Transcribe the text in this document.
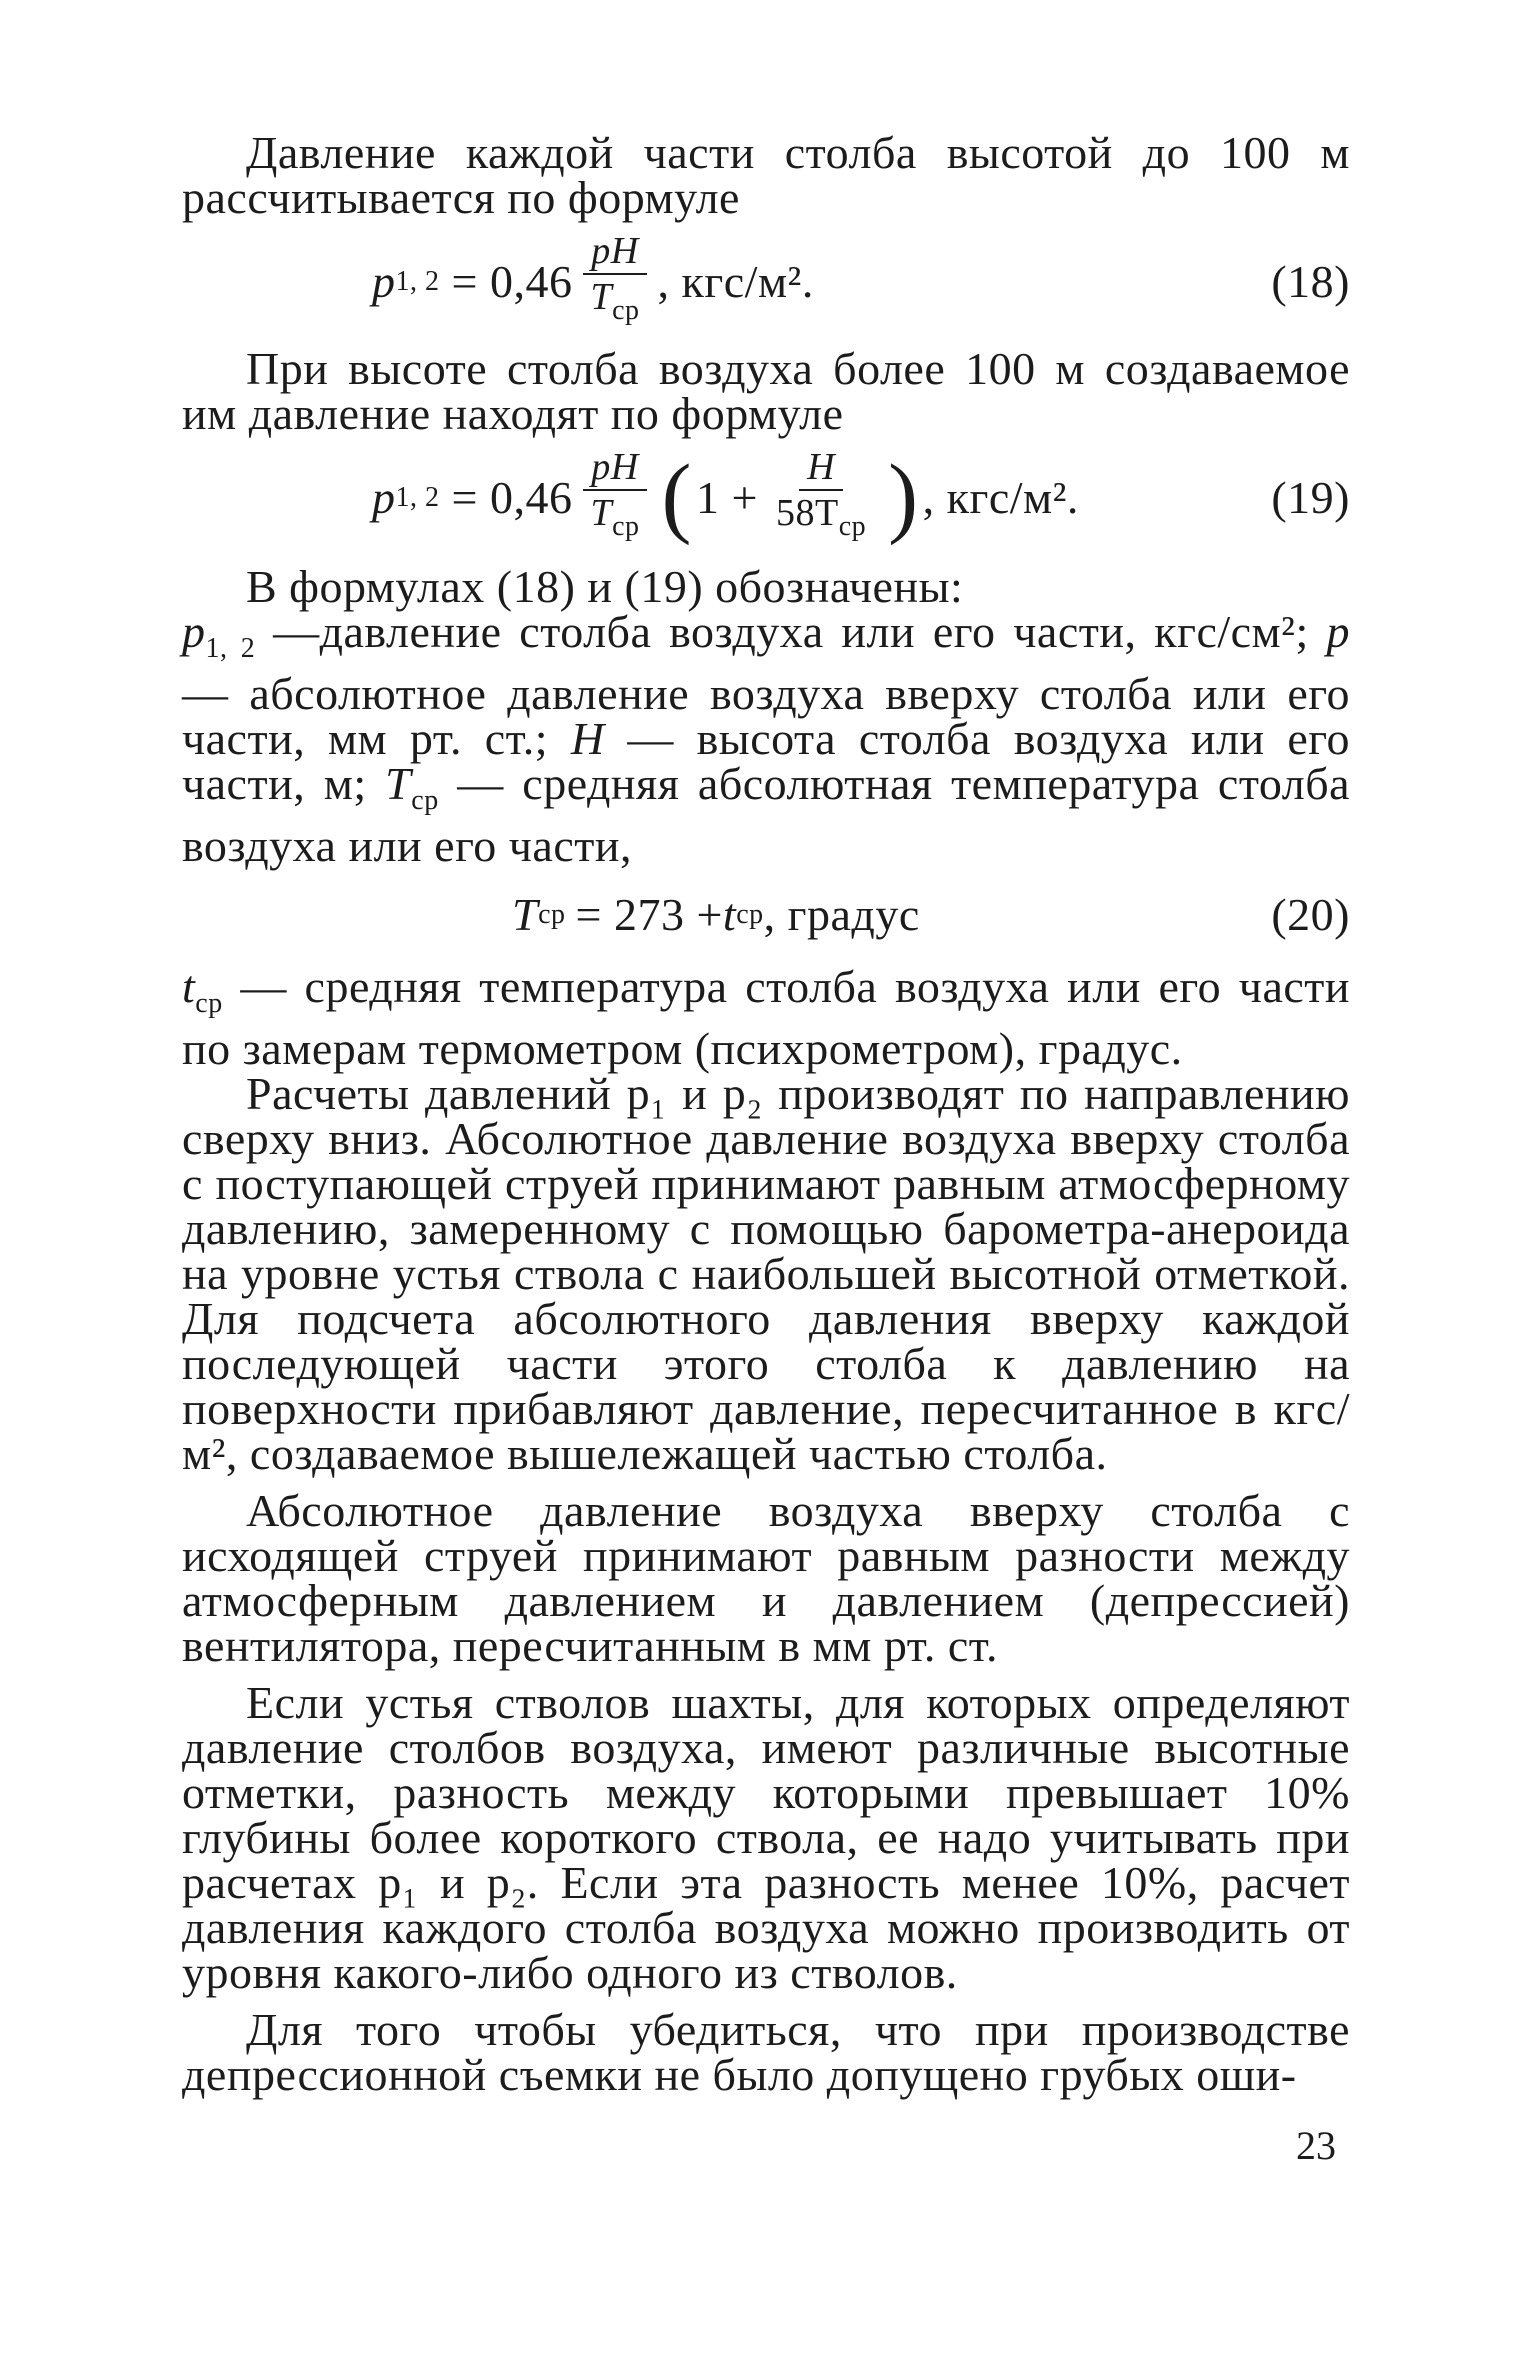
Давление каждой части столба высотой до 100 м рассчитывается по формуле

p 1, $2 = 0,46 \frac{pH}{T_{ср}}$ , кгс/м².	(18)

При высоте столба воздуха более 100 м создаваемое им давление находят по формуле

p 1, $2 = 0,46 \frac{pH}{T_{ср}}$ ( $1 + \frac{H}{58T_{ср}}$ ) , кгс/м².	(19)

В формулах (18) и (19) обозначены:

$p_{1, 2}$ —давление столба воздуха или его части, кгс/см²; p — абсолютное давление воздуха вверху столба или его части, мм рт. ст.; H — высота столба воздуха или его части, м; $T_{ср}$ — средняя абсолютная температура столба воздуха или его части,

T ср = 273 + t ср , градус	(20)

$t_{ср}$ — средняя температура столба воздуха или его части по замерам термометром (психрометром), градус.

Расчеты давлений p₁ и p₂ производят по направлению сверху вниз. Абсолютное давление воздуха вверху столба с поступающей струей принимают равным атмосферному давлению, замеренному с помощью барометра-анероида на уровне устья ствола с наибольшей высотной отметкой. Для подсчета абсолютного давления вверху каждой последующей части этого столба к давлению на поверхности прибавляют давление, пересчитанное в кгс/м², создаваемое вышележащей частью столба.

Абсолютное давление воздуха вверху столба с исходящей струей принимают равным разности между атмосферным давлением и давлением (депрессией) вентилятора, пересчитанным в мм рт. ст.

Если устья стволов шахты, для которых определяют давление столбов воздуха, имеют различные высотные отметки, разность между которыми превышает 10% глубины более короткого ствола, ее надо учитывать при расчетах p₁ и p₂. Если эта разность менее 10%, расчет давления каждого столба воздуха можно производить от уровня какого-либо одного из стволов.

Для того чтобы убедиться, что при производстве депрессионной съемки не было допущено грубых оши-

23
